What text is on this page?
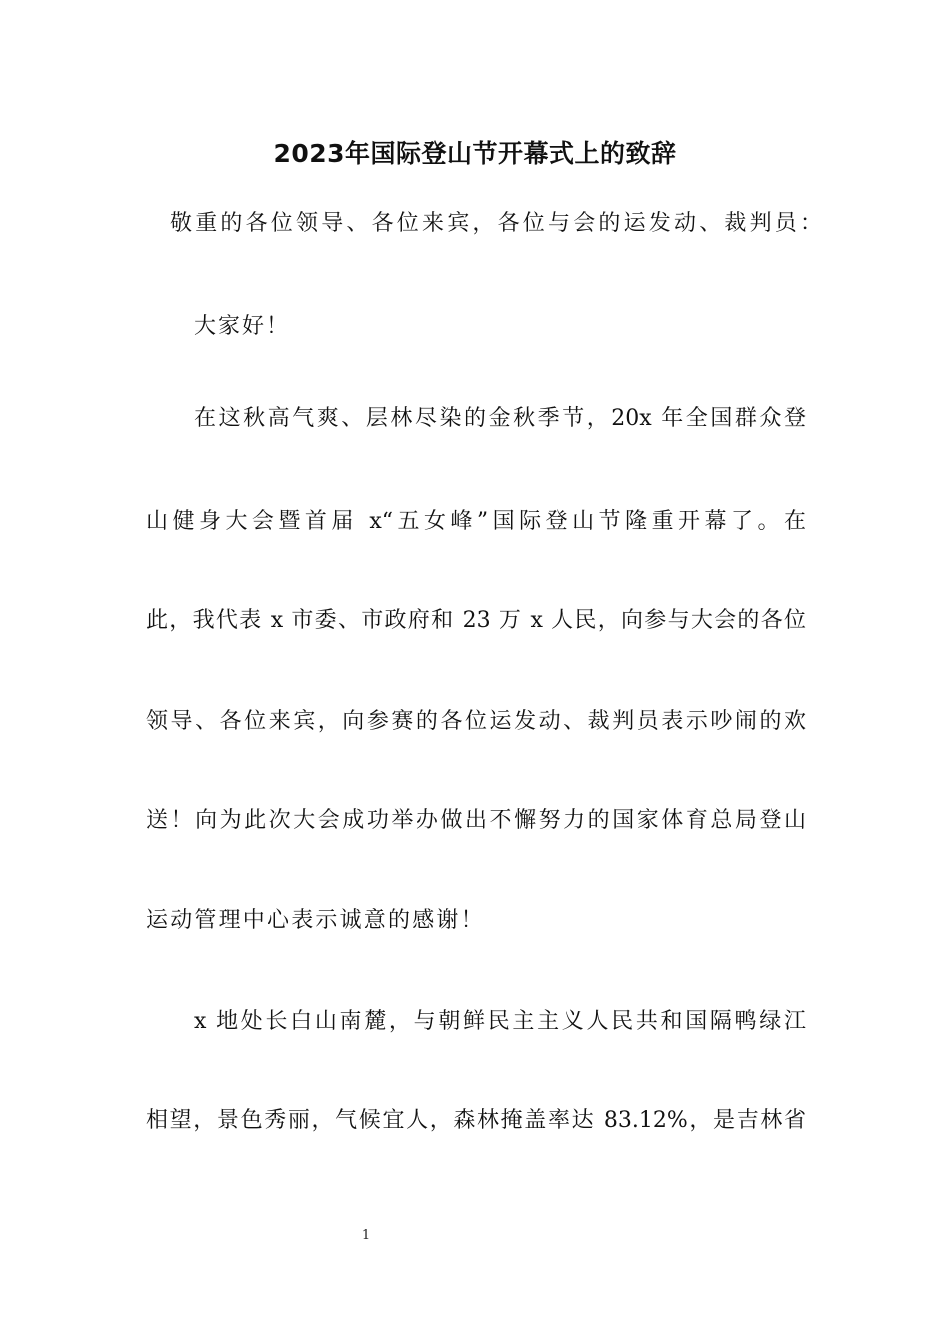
2023年国际登山节开幕式上的致辞

敬重的各位领导、各位来宾，各位与会的运发动、裁判员：

大家好！

在这秋高气爽、层林尽染的金秋季节，20x 年全国群众登

山健身大会暨首届 x“五女峰”国际登山节隆重开幕了。在

此，我代表 x 市委、市政府和 23 万 x 人民，向参与大会的各位

领导、各位来宾，向参赛的各位运发动、裁判员表示吵闹的欢

送！向为此次大会成功举办做出不懈努力的国家体育总局登山

运动管理中心表示诚意的感谢！

x 地处长白山南麓，与朝鲜民主主义人民共和国隔鸭绿江

相望，景色秀丽，气候宜人，森林掩盖率达 83.12%，是吉林省

1
